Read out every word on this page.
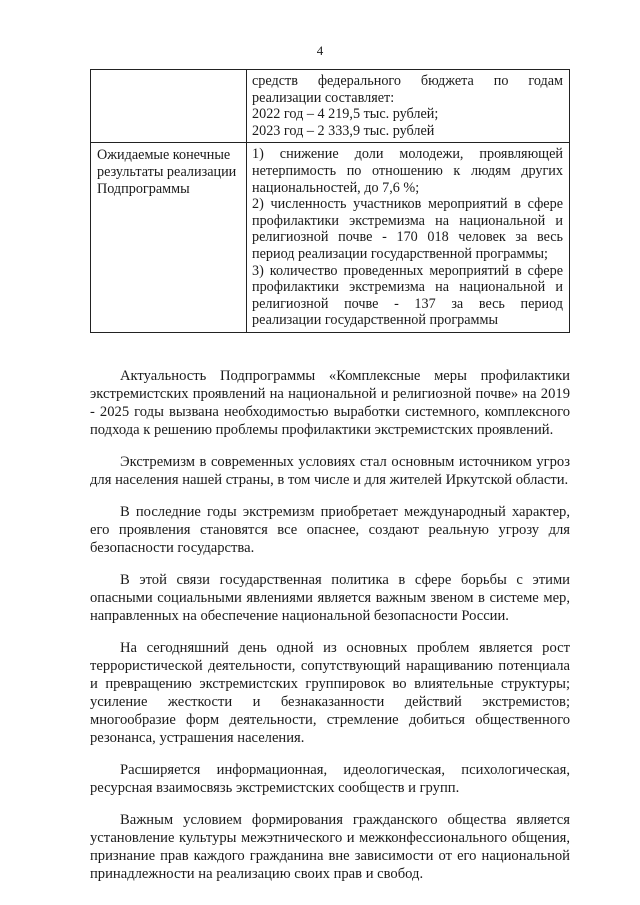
4

	средств федерального бюджета по годам реализации составляет:
2022 год – 4 219,5 тыс. рублей;
2023 год – 2 333,9 тыс. рублей

Ожидаемые конечные результаты реализации Подпрограммы	1) снижение доли молодежи, проявляющей нетерпимость по отношению к людям других национальностей, до 7,6 %;
2) численность участников мероприятий в сфере профилактики экстремизма на национальной и религиозной почве - 170 018 человек за весь период реализации государственной программы;
3) количество проведенных мероприятий в сфере профилактики экстремизма на национальной и религиозной почве - 137 за весь период реализации государственной программы

Актуальность Подпрограммы «Комплексные меры профилактики экстремистских проявлений на национальной и религиозной почве» на 2019 - 2025 годы вызвана необходимостью выработки системного, комплексного подхода к решению проблемы профилактики экстремистских проявлений.

Экстремизм в современных условиях стал основным источником угроз для населения нашей страны, в том числе и для жителей Иркутской области.

В последние годы экстремизм приобретает международный характер, его проявления становятся все опаснее, создают реальную угрозу для безопасности государства.

В этой связи государственная политика в сфере борьбы с этими опасными социальными явлениями является важным звеном в системе мер, направленных на обеспечение национальной безопасности России.

На сегодняшний день одной из основных проблем является рост террористической деятельности, сопутствующий наращиванию потенциала и превращению экстремистских группировок во влиятельные структуры; усиление жесткости и безнаказанности действий экстремистов; многообразие форм деятельности, стремление добиться общественного резонанса, устрашения населения.

Расширяется информационная, идеологическая, психологическая, ресурсная взаимосвязь экстремистских сообществ и групп.

Важным условием формирования гражданского общества является установление культуры межэтнического и межконфессионального общения, признание прав каждого гражданина вне зависимости от его национальной принадлежности на реализацию своих прав и свобод.
